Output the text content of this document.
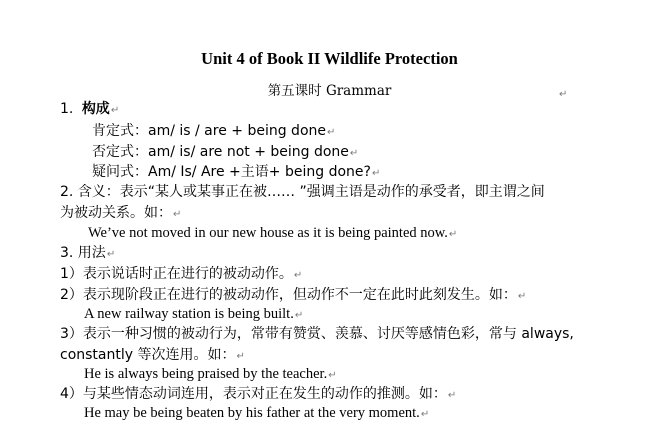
Unit 4 of Book II Wildlife Protection
第五课时 Grammar	↵
1. 构成↵
肯定式：am/ is / are + being done↵
否定式：am/ is/ are not + being done↵
疑问式：Am/ Is/ Are +主语+ being done?↵
2. 含义：表示“某人或某事正在被…… ”强调主语是动作的承受者，即主谓之间
为被动关系。如：↵
We’ve not moved in our new house as it is being painted now.↵
3. 用法↵
1）表示说话时正在进行的被动动作。↵
2）表示现阶段正在进行的被动动作，但动作不一定在此时此刻发生。如：↵
A new railway station is being built.↵
3）表示一种习惯的被动行为，常带有赞赏、羡慕、讨厌等感情色彩，常与 always,
constantly 等次连用。如：↵
He is always being praised by the teacher.↵
4）与某些情态动词连用，表示对正在发生的动作的推测。如：↵
He may be being beaten by his father at the very moment.↵
